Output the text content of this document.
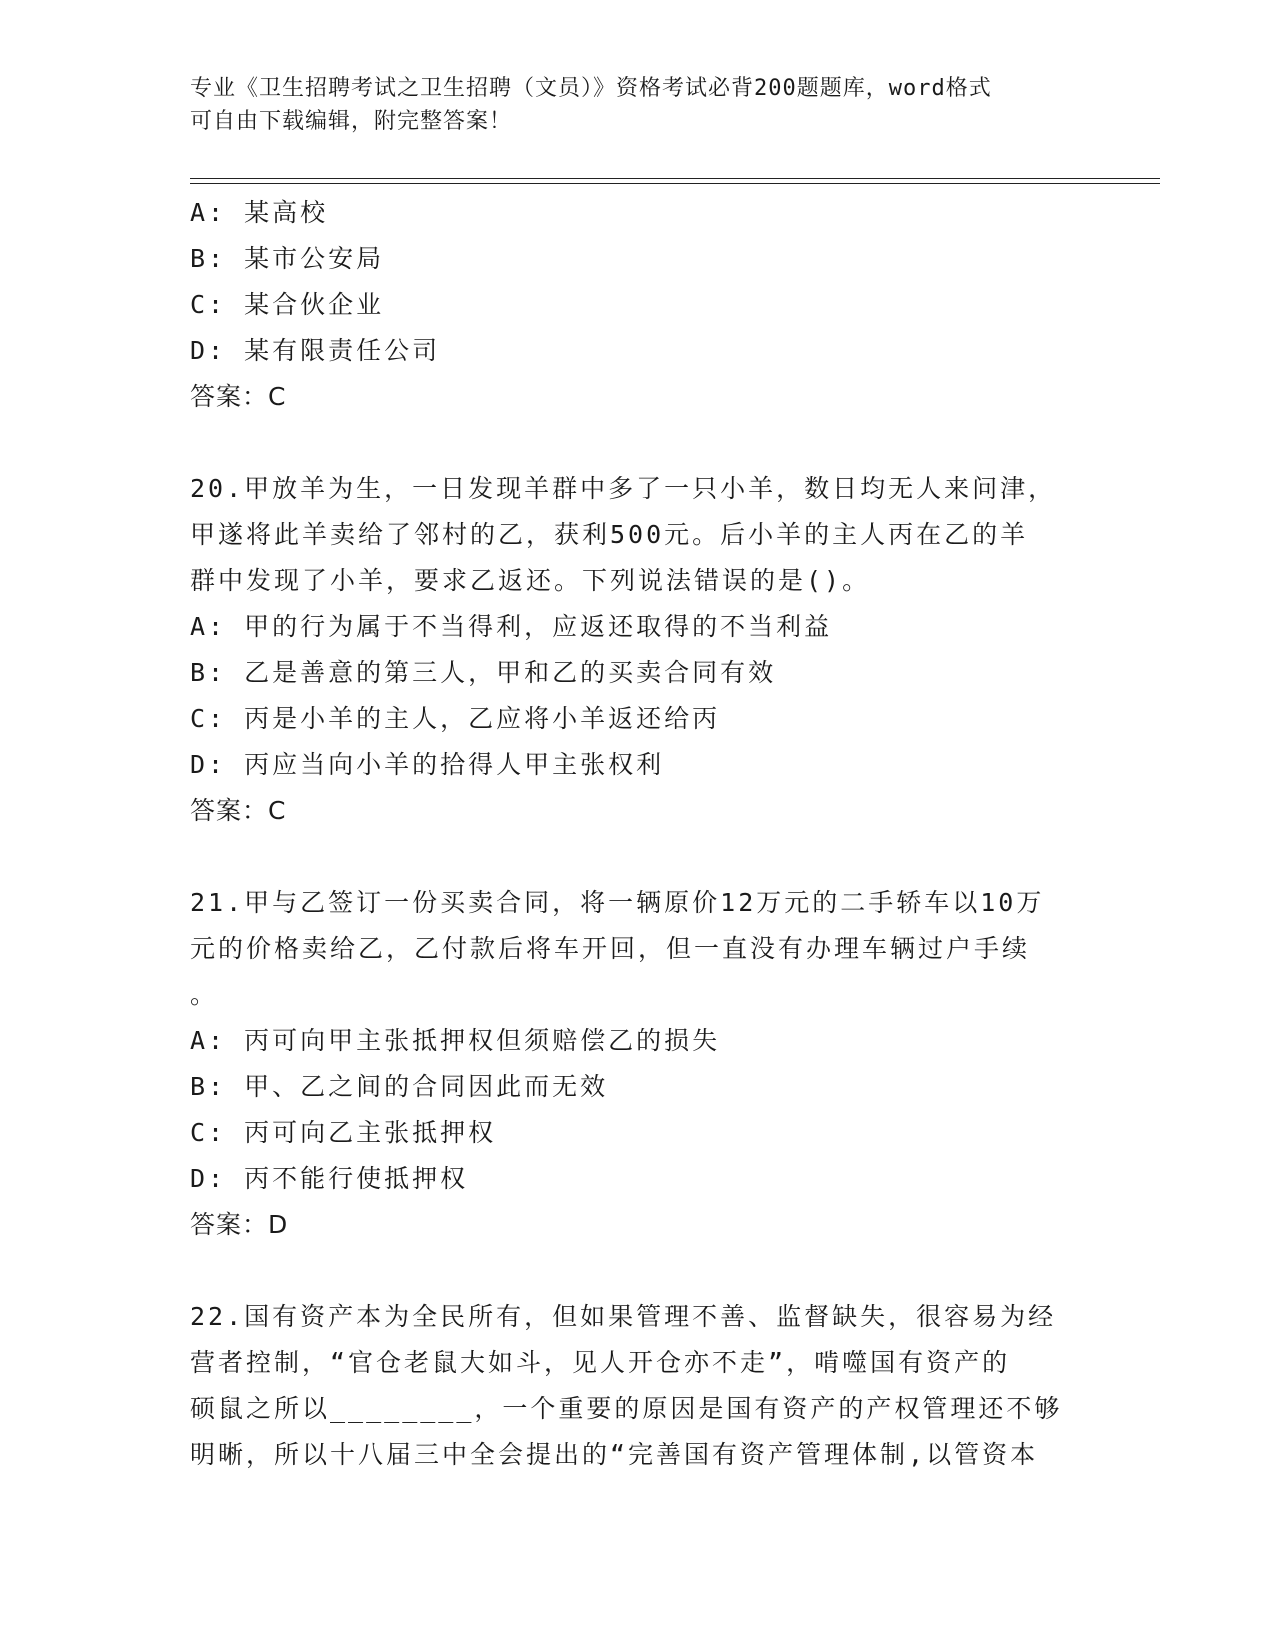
专业《卫生招聘考试之卫生招聘（文员）》资格考试必背200题题库，word格式
可自由下载编辑，附完整答案！
A: 某高校
B: 某市公安局
C: 某合伙企业
D: 某有限责任公司
答案：C
20.甲放羊为生，一日发现羊群中多了一只小羊，数日均无人来问津，
甲遂将此羊卖给了邻村的乙，获利500元。后小羊的主人丙在乙的羊
群中发现了小羊，要求乙返还。下列说法错误的是()。
A: 甲的行为属于不当得利，应返还取得的不当利益
B: 乙是善意的第三人，甲和乙的买卖合同有效
C: 丙是小羊的主人，乙应将小羊返还给丙
D: 丙应当向小羊的拾得人甲主张权利
答案：C
21.甲与乙签订一份买卖合同，将一辆原价12万元的二手轿车以10万
元的价格卖给乙，乙付款后将车开回，但一直没有办理车辆过户手续
。
A: 丙可向甲主张抵押权但须赔偿乙的损失
B: 甲、乙之间的合同因此而无效
C: 丙可向乙主张抵押权
D: 丙不能行使抵押权
答案：D
22.国有资产本为全民所有，但如果管理不善、监督缺失，很容易为经
营者控制，“官仓老鼠大如斗，见人开仓亦不走”，啃噬国有资产的
硕鼠之所以________，一个重要的原因是国有资产的产权管理还不够
明晰，所以十八届三中全会提出的“完善国有资产管理体制,以管资本
